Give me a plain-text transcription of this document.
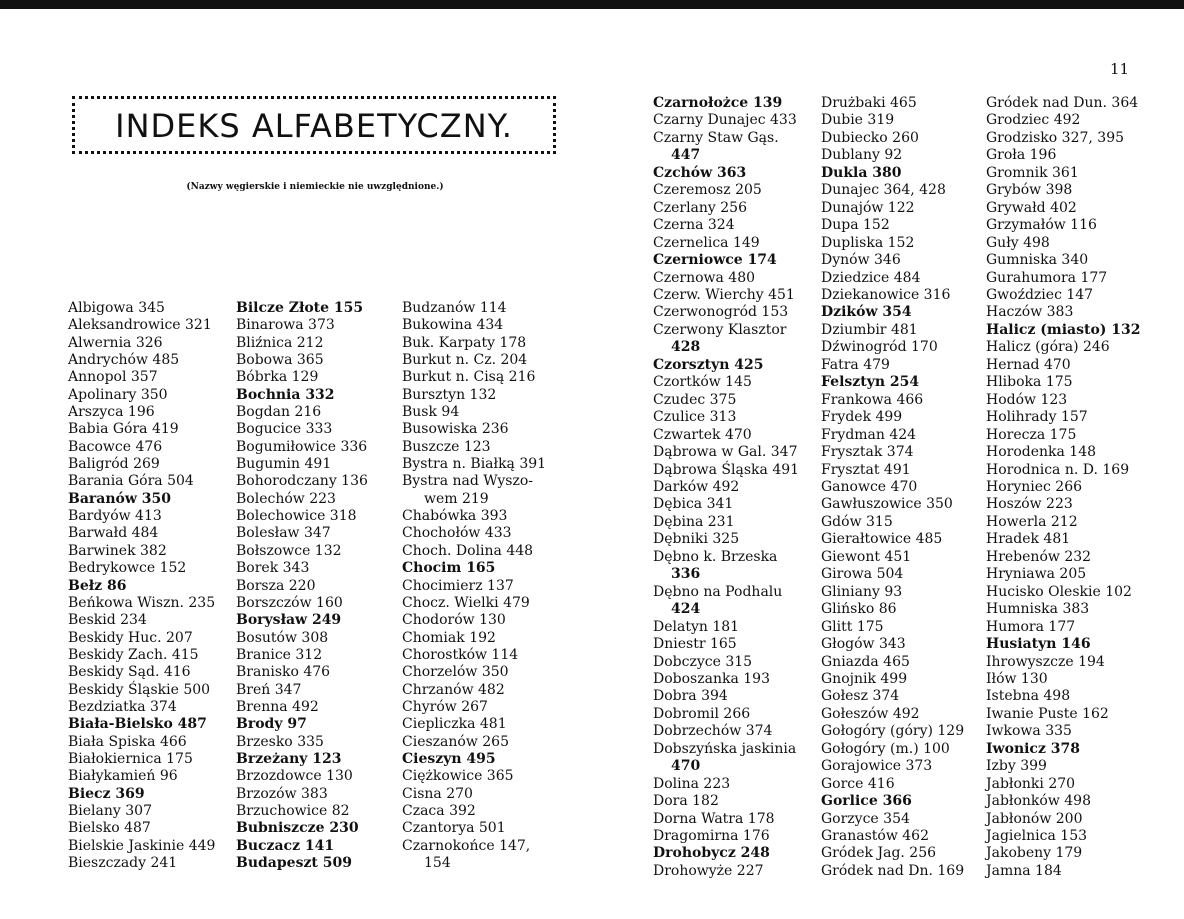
11
INDEKS ALFABETYCZNY.
(Nazwy węgierskie i niemieckie nie uwzględnione.)
Albigowa 345
Aleksandrowice 321
Alwernia 326
Andrychów 485
Annopol 357
Apolinary 350
Arszyca 196
Babia Góra 419
Bacowce 476
Baligród 269
Barania Góra 504
Baranów 350
Bardyów 413
Barwałd 484
Barwinek 382
Bedrykowce 152
Bełz 86
Beńkowa Wiszn. 235
Beskid 234
Beskidy Huc. 207
Beskidy Zach. 415
Beskidy Sąd. 416
Beskidy Śląskie 500
Bezdziatka 374
Biała-Bielsko 487
Biała Spiska 466
Białokiernica 175
Białykamień 96
Biecz 369
Bielany 307
Bielsko 487
Bielskie Jaskinie 449
Bieszczady 241
Bilcze Złote 155
Binarowa 373
Bliźnica 212
Bobowa 365
Bóbrka 129
Bochnia 332
Bogdan 216
Bogucice 333
Bogumiłowice 336
Bugumin 491
Bohorodczany 136
Bolechów 223
Bolechowice 318
Bolesław 347
Bołszowce 132
Borek 343
Borsza 220
Borszczów 160
Borysław 249
Bosutów 308
Branice 312
Branisko 476
Breń 347
Brenna 492
Brody 97
Brzesko 335
Brzeżany 123
Brzozdowce 130
Brzozów 383
Brzuchowice 82
Bubniszcze 230
Buczacz 141
Budapeszt 509
Budzanów 114
Bukowina 434
Buk. Karpaty 178
Burkut n. Cz. 204
Burkut n. Cisą 216
Bursztyn 132
Busk 94
Busowiska 236
Buszcze 123
Bystra n. Białką 391
Bystra nad Wyszo-
wem 219
Chabówka 393
Chochołów 433
Choch. Dolina 448
Chocim 165
Chocimierz 137
Chocz. Wielki 479
Chodorów 130
Chomiak 192
Chorostków 114
Chorzelów 350
Chrzanów 482
Chyrów 267
Ciepliczka 481
Cieszanów 265
Cieszyn 495
Ciężkowice 365
Cisna 270
Czaca 392
Czantorya 501
Czarnokońce 147,
154
Czarnołożce 139
Czarny Dunajec 433
Czarny Staw Gąs.
447
Czchów 363
Czeremosz 205
Czerlany 256
Czerna 324
Czernelica 149
Czerniowce 174
Czernowa 480
Czerw. Wierchy 451
Czerwonogród 153
Czerwony Klasztor
428
Czorsztyn 425
Czortków 145
Czudec 375
Czulice 313
Czwartek 470
Dąbrowa w Gal. 347
Dąbrowa Śląska 491
Darków 492
Dębica 341
Dębina 231
Dębniki 325
Dębno k. Brzeska
336
Dębno na Podhalu
424
Delatyn 181
Dniestr 165
Dobczyce 315
Doboszanka 193
Dobra 394
Dobromil 266
Dobrzechów 374
Dobszyńska jaskinia
470
Dolina 223
Dora 182
Dorna Watra 178
Dragomirna 176
Drohobycz 248
Drohowyże 227
Drużbaki 465
Dubie 319
Dubiecko 260
Dublany 92
Dukla 380
Dunajec 364, 428
Dunajów 122
Dupa 152
Dupliska 152
Dynów 346
Dziedzice 484
Dziekanowice 316
Dzików 354
Dziumbir 481
Dźwinogród 170
Fatra 479
Felsztyn 254
Frankowa 466
Frydek 499
Frydman 424
Frysztak 374
Frysztat 491
Ganowce 470
Gawłuszowice 350
Gdów 315
Gierałtowice 485
Giewont 451
Girowa 504
Gliniany 93
Glińsko 86
Glitt 175
Głogów 343
Gniazda 465
Gnojnik 499
Gołesz 374
Gołeszów 492
Gołogóry (góry) 129
Gołogóry (m.) 100
Gorajowice 373
Gorce 416
Gorlice 366
Gorzyce 354
Granastów 462
Gródek Jag. 256
Gródek nad Dn. 169
Gródek nad Dun. 364
Grodziec 492
Grodzisko 327, 395
Groła 196
Gromnik 361
Grybów 398
Grywałd 402
Grzymałów 116
Guły 498
Gumniska 340
Gurahumora 177
Gwoździec 147
Haczów 383
Halicz (miasto) 132
Halicz (góra) 246
Hernad 470
Hliboka 175
Hodów 123
Holihrady 157
Horecza 175
Horodenka 148
Horodnica n. D. 169
Horyniec 266
Hoszów 223
Howerla 212
Hradek 481
Hrebenów 232
Hryniawa 205
Hucisko Oleskie 102
Humniska 383
Humora 177
Husiatyn 146
Ihrowyszcze 194
Iłów 130
Istebna 498
Iwanie Puste 162
Iwkowa 335
Iwonicz 378
Izby 399
Jabłonki 270
Jabłonków 498
Jabłonów 200
Jagielnica 153
Jakobeny 179
Jamna 184
